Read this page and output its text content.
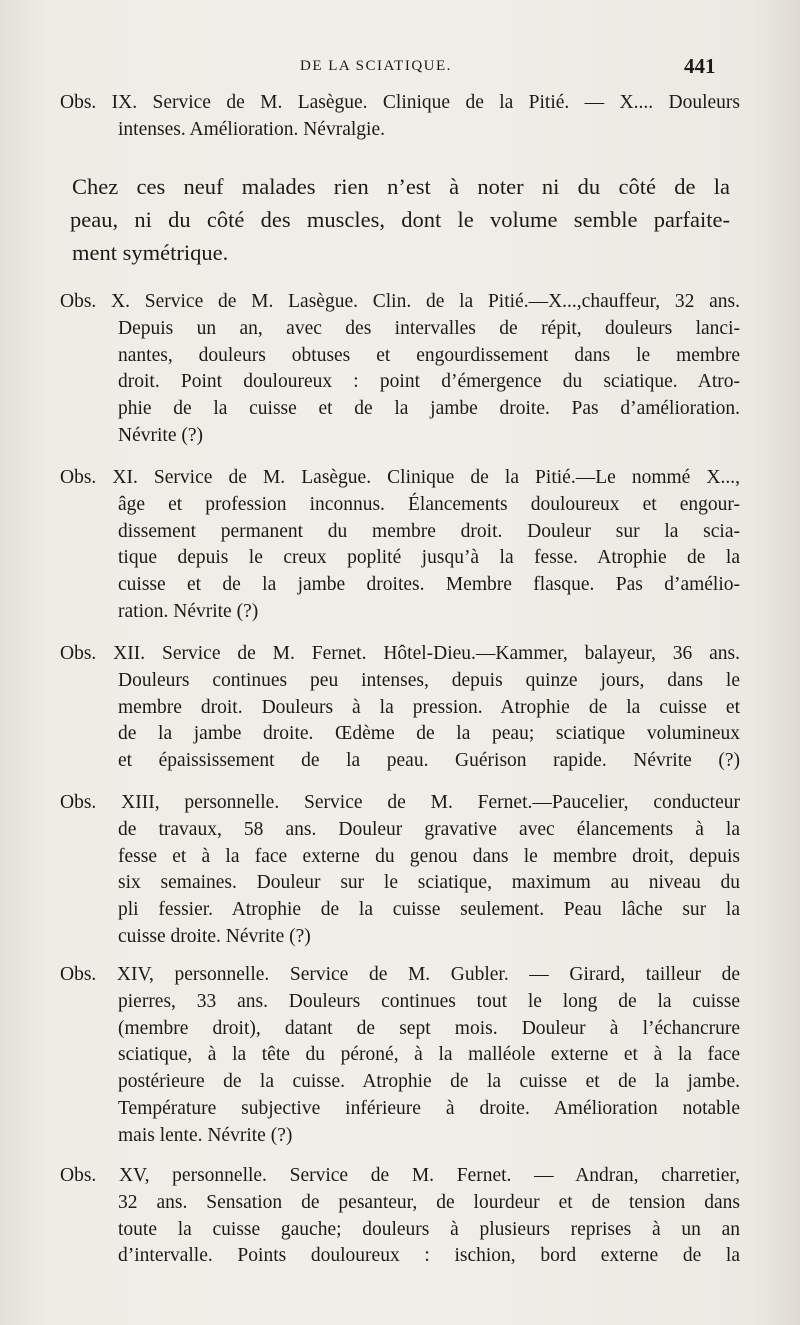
DE LA SCIATIQUE.	441
Obs. IX. Service de M. Lasègue. Clinique de la Pitié. — X.... Douleurs
intenses. Amélioration. Névralgie.
Chez ces neuf malades rien n’est à noter ni du côté de la
peau, ni du côté des muscles, dont le volume semble parfaite-
ment symétrique.
Obs. X. Service de M. Lasègue. Clin. de la Pitié.—X...,chauffeur, 32 ans.
Depuis un an, avec des intervalles de répit, douleurs lanci-
nantes, douleurs obtuses et engourdissement dans le membre
droit. Point douloureux : point d’émergence du sciatique. Atro-
phie de la cuisse et de la jambe droite. Pas d’amélioration.
Névrite (?)
Obs. XI. Service de M. Lasègue. Clinique de la Pitié.—Le nommé X...,
âge et profession inconnus. Élancements douloureux et engour-
dissement permanent du membre droit. Douleur sur la scia-
tique depuis le creux poplité jusqu’à la fesse. Atrophie de la
cuisse et de la jambe droites. Membre flasque. Pas d’amélio-
ration. Névrite (?)
Obs. XII. Service de M. Fernet. Hôtel-Dieu.—Kammer, balayeur, 36 ans.
Douleurs continues peu intenses, depuis quinze jours, dans le
membre droit. Douleurs à la pression. Atrophie de la cuisse et
de la jambe droite. Œdème de la peau; sciatique volumineux
et épaississement de la peau. Guérison rapide. Névrite (?)
Obs. XIII, personnelle. Service de M. Fernet.—Paucelier, conducteur
de travaux, 58 ans. Douleur gravative avec élancements à la
fesse et à la face externe du genou dans le membre droit, depuis
six semaines. Douleur sur le sciatique, maximum au niveau du
pli fessier. Atrophie de la cuisse seulement. Peau lâche sur la
cuisse droite. Névrite (?)
Obs. XIV, personnelle. Service de M. Gubler. — Girard, tailleur de
pierres, 33 ans. Douleurs continues tout le long de la cuisse
(membre droit), datant de sept mois. Douleur à l’échancrure
sciatique, à la tête du péroné, à la malléole externe et à la face
postérieure de la cuisse. Atrophie de la cuisse et de la jambe.
Température subjective inférieure à droite. Amélioration notable
mais lente. Névrite (?)
Obs. XV, personnelle. Service de M. Fernet. — Andran, charretier,
32 ans. Sensation de pesanteur, de lourdeur et de tension dans
toute la cuisse gauche; douleurs à plusieurs reprises à un an
d’intervalle. Points douloureux : ischion, bord externe de la
